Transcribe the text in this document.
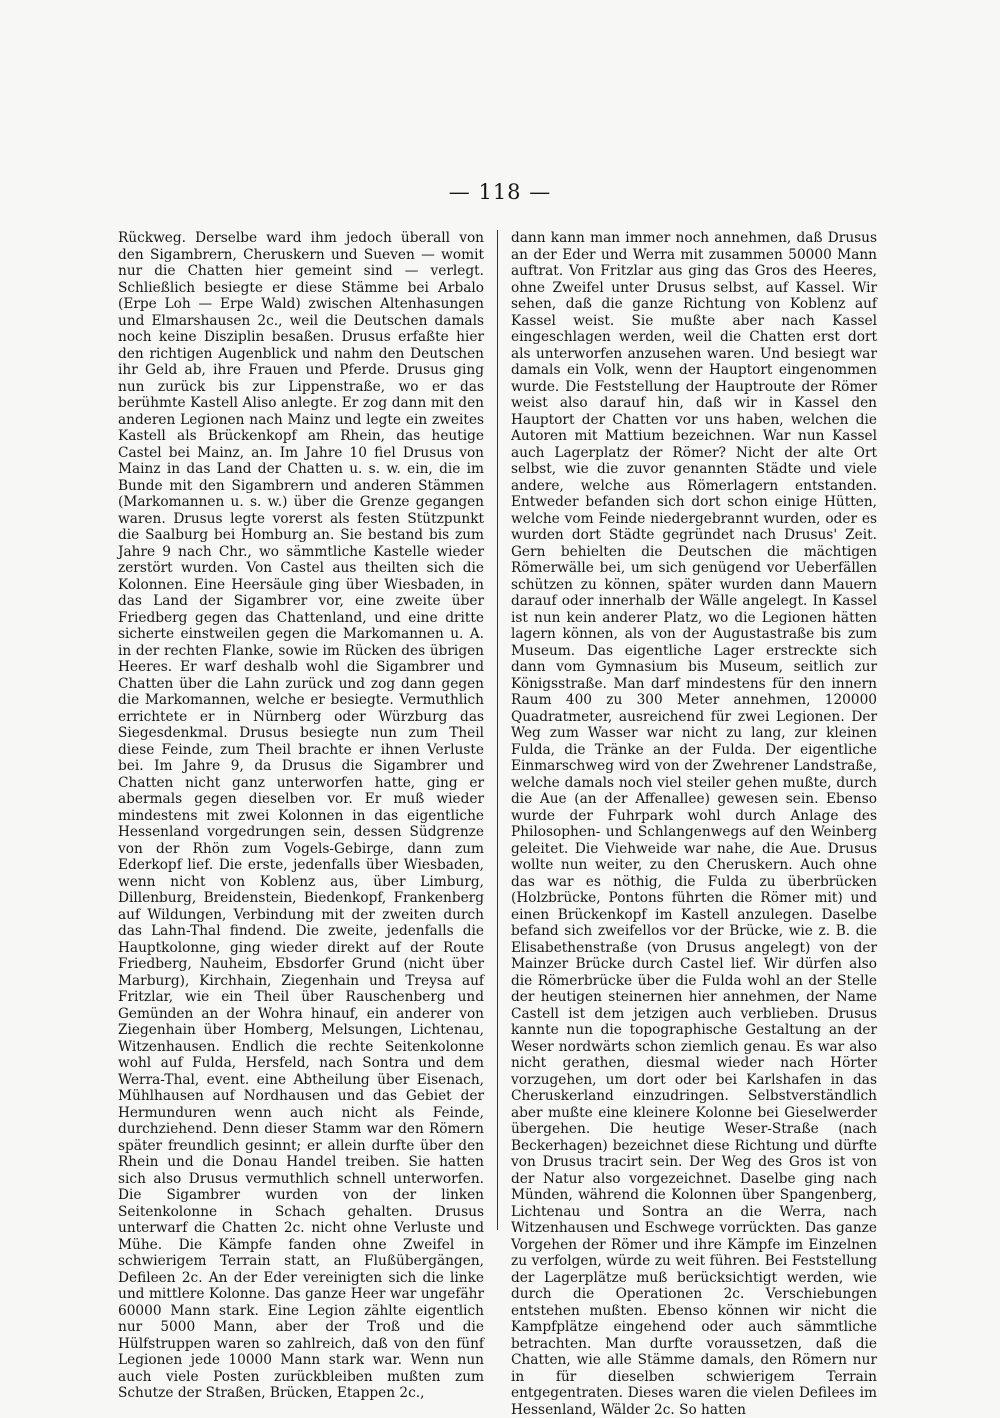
— 118 —

Rückweg. Derselbe ward ihm jedoch überall von den Sigambrern, Cheruskern und Sueven — womit nur die Chatten hier gemeint sind — verlegt. Schließlich besiegte er diese Stämme bei Arbalo (Erpe Loh — Erpe Wald) zwischen Altenhasungen und Elmarshausen 2c., weil die Deutschen damals noch keine Disziplin besaßen. Drusus erfaßte hier den richtigen Augenblick und nahm den Deutschen ihr Geld ab, ihre Frauen und Pferde. Drusus ging nun zurück bis zur Lippenstraße, wo er das berühmte Kastell Aliso anlegte. Er zog dann mit den anderen Legionen nach Mainz und legte ein zweites Kastell als Brückenkopf am Rhein, das heutige Castel bei Mainz, an. Im Jahre 10 fiel Drusus von Mainz in das Land der Chatten u. s. w. ein, die im Bunde mit den Sigambrern und anderen Stämmen (Markomannen u. s. w.) über die Grenze gegangen waren. Drusus legte vorerst als festen Stützpunkt die Saalburg bei Homburg an. Sie bestand bis zum Jahre 9 nach Chr., wo sämmtliche Kastelle wieder zerstört wurden. Von Castel aus theilten sich die Kolonnen. Eine Heersäule ging über Wiesbaden, in das Land der Sigambrer vor, eine zweite über Friedberg gegen das Chattenland, und eine dritte sicherte einstweilen gegen die Markomannen u. A. in der rechten Flanke, sowie im Rücken des übrigen Heeres. Er warf deshalb wohl die Sigambrer und Chatten über die Lahn zurück und zog dann gegen die Markomannen, welche er besiegte. Vermuthlich errichtete er in Nürnberg oder Würzburg das Siegesdenkmal. Drusus besiegte nun zum Theil diese Feinde, zum Theil brachte er ihnen Verluste bei. Im Jahre 9, da Drusus die Sigambrer und Chatten nicht ganz unterworfen hatte, ging er abermals gegen dieselben vor. Er muß wieder mindestens mit zwei Kolonnen in das eigentliche Hessenland vorgedrungen sein, dessen Südgrenze von der Rhön zum Vogels-Gebirge, dann zum Ederkopf lief. Die erste, jedenfalls über Wiesbaden, wenn nicht von Koblenz aus, über Limburg, Dillenburg, Breidenstein, Biedenkopf, Frankenberg auf Wildungen, Verbindung mit der zweiten durch das Lahn-Thal findend. Die zweite, jedenfalls die Hauptkolonne, ging wieder direkt auf der Route Friedberg, Nauheim, Ebsdorfer Grund (nicht über Marburg), Kirchhain, Ziegenhain und Treysa auf Fritzlar, wie ein Theil über Rauschenberg und Gemünden an der Wohra hinauf, ein anderer von Ziegenhain über Homberg, Melsungen, Lichtenau, Witzenhausen. Endlich die rechte Seitenkolonne wohl auf Fulda, Hersfeld, nach Sontra und dem Werra-Thal, event. eine Abtheilung über Eisenach, Mühlhausen auf Nordhausen und das Gebiet der Hermunduren wenn auch nicht als Feinde, durchziehend. Denn dieser Stamm war den Römern später freundlich gesinnt; er allein durfte über den Rhein und die Donau Handel treiben. Sie hatten sich also Drusus vermuthlich schnell unterworfen. Die Sigambrer wurden von der linken Seitenkolonne in Schach gehalten. Drusus unterwarf die Chatten 2c. nicht ohne Verluste und Mühe. Die Kämpfe fanden ohne Zweifel in schwierigem Terrain statt, an Flußübergängen, Defileen 2c. An der Eder vereinigten sich die linke und mittlere Kolonne. Das ganze Heer war ungefähr 60000 Mann stark. Eine Legion zählte eigentlich nur 5000 Mann, aber der Troß und die Hülfstruppen waren so zahlreich, daß von den fünf Legionen jede 10000 Mann stark war. Wenn nun auch viele Posten zurückbleiben mußten zum Schutze der Straßen, Brücken, Etappen 2c.,

dann kann man immer noch annehmen, daß Drusus an der Eder und Werra mit zusammen 50000 Mann auftrat. Von Fritzlar aus ging das Gros des Heeres, ohne Zweifel unter Drusus selbst, auf Kassel. Wir sehen, daß die ganze Richtung von Koblenz auf Kassel weist. Sie mußte aber nach Kassel eingeschlagen werden, weil die Chatten erst dort als unterworfen anzusehen waren. Und besiegt war damals ein Volk, wenn der Hauptort eingenommen wurde. Die Feststellung der Hauptroute der Römer weist also darauf hin, daß wir in Kassel den Hauptort der Chatten vor uns haben, welchen die Autoren mit Mattium bezeichnen. War nun Kassel auch Lagerplatz der Römer? Nicht der alte Ort selbst, wie die zuvor genannten Städte und viele andere, welche aus Römerlagern entstanden. Entweder befanden sich dort schon einige Hütten, welche vom Feinde niedergebrannt wurden, oder es wurden dort Städte gegründet nach Drusus' Zeit. Gern behielten die Deutschen die mächtigen Römerwälle bei, um sich genügend vor Ueberfällen schützen zu können, später wurden dann Mauern darauf oder innerhalb der Wälle angelegt. In Kassel ist nun kein anderer Platz, wo die Legionen hätten lagern können, als von der Augustastraße bis zum Museum. Das eigentliche Lager erstreckte sich dann vom Gymnasium bis Museum, seitlich zur Königsstraße. Man darf mindestens für den innern Raum 400 zu 300 Meter annehmen, 120000 Quadratmeter, ausreichend für zwei Legionen. Der Weg zum Wasser war nicht zu lang, zur kleinen Fulda, die Tränke an der Fulda. Der eigentliche Einmarschweg wird von der Zwehrener Landstraße, welche damals noch viel steiler gehen mußte, durch die Aue (an der Affenallee) gewesen sein. Ebenso wurde der Fuhrpark wohl durch Anlage des Philosophen- und Schlangenwegs auf den Weinberg geleitet. Die Viehweide war nahe, die Aue. Drusus wollte nun weiter, zu den Cheruskern. Auch ohne das war es nöthig, die Fulda zu überbrücken (Holzbrücke, Pontons führten die Römer mit) und einen Brückenkopf im Kastell anzulegen. Daselbe befand sich zweifellos vor der Brücke, wie z. B. die Elisabethenstraße (von Drusus angelegt) von der Mainzer Brücke durch Castel lief. Wir dürfen also die Römerbrücke über die Fulda wohl an der Stelle der heutigen steinernen hier annehmen, der Name Castell ist dem jetzigen auch verblieben. Drusus kannte nun die topographische Gestaltung an der Weser nordwärts schon ziemlich genau. Es war also nicht gerathen, diesmal wieder nach Hörter vorzugehen, um dort oder bei Karlshafen in das Cheruskerland einzudringen. Selbstverständlich aber mußte eine kleinere Kolonne bei Gieselwerder übergehen. Die heutige Weser-Straße (nach Beckerhagen) bezeichnet diese Richtung und dürfte von Drusus tracirt sein. Der Weg des Gros ist von der Natur also vorgezeichnet. Daselbe ging nach Münden, während die Kolonnen über Spangenberg, Lichtenau und Sontra an die Werra, nach Witzenhausen und Eschwege vorrückten. Das ganze Vorgehen der Römer und ihre Kämpfe im Einzelnen zu verfolgen, würde zu weit führen. Bei Feststellung der Lagerplätze muß berücksichtigt werden, wie durch die Operationen 2c. Verschiebungen entstehen mußten. Ebenso können wir nicht die Kampfplätze eingehend oder auch sämmtliche betrachten. Man durfte voraussetzen, daß die Chatten, wie alle Stämme damals, den Römern nur in für dieselben schwierigem Terrain entgegentraten. Dieses waren die vielen Defilees im Hessenland, Wälder 2c. So hatten
